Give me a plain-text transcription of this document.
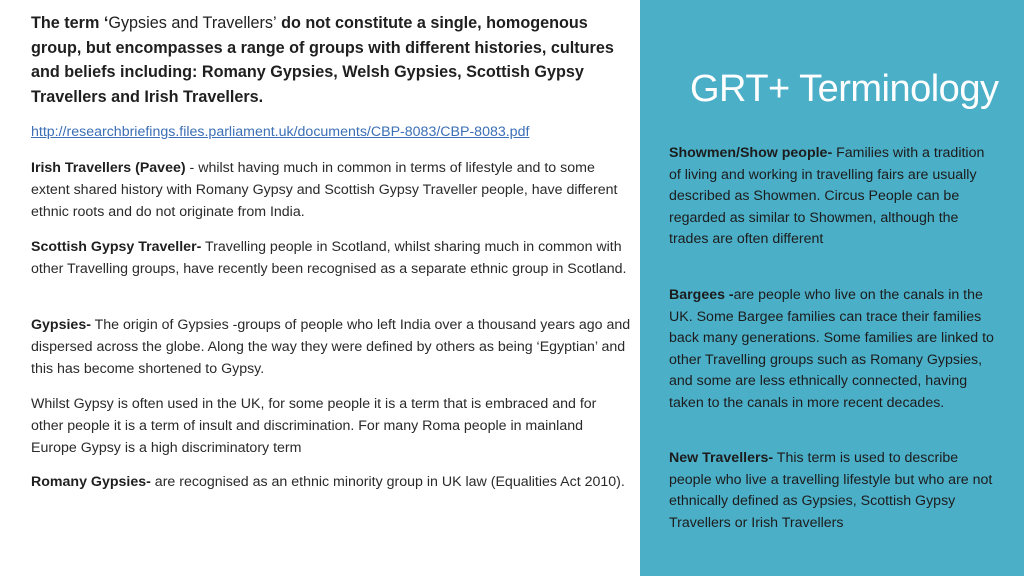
The term ‘Gypsies and Travellers’ do not constitute a single, homogenous group, but encompasses a range of groups with different histories, cultures and beliefs including: Romany Gypsies, Welsh Gypsies, Scottish Gypsy Travellers and Irish Travellers.
http://researchbriefings.files.parliament.uk/documents/CBP-8083/CBP-8083.pdf
Irish Travellers (Pavee) - whilst having much in common in terms of lifestyle and to some extent shared history with Romany Gypsy and Scottish Gypsy Traveller people, have different ethnic roots and do not originate from India.
Scottish Gypsy Traveller- Travelling people in Scotland, whilst sharing much in common with other Travelling groups, have recently been recognised as a separate ethnic group in Scotland.
Gypsies- The origin of Gypsies -groups of people who left India over a thousand years ago and dispersed across the globe. Along the way they were defined by others as being ‘Egyptian’ and this has become shortened to Gypsy.
Whilst Gypsy is often used in the UK, for some people it is a term that is embraced and for other people it is a term of insult and discrimination. For many Roma people in mainland Europe Gypsy is a high discriminatory term
Romany Gypsies- are recognised as an ethnic minority group in UK law (Equalities Act 2010).
GRT+ Terminology
Showmen/Show people- Families with a tradition of living and working in travelling fairs are usually described as Showmen. Circus People can be regarded as similar to Showmen, although the trades are often different
Bargees -are people who live on the canals in the UK. Some Bargee families can trace their families back many generations. Some families are linked to other Travelling groups such as Romany Gypsies, and some are less ethnically connected, having taken to the canals in more recent decades.
New Travellers- This term is used to describe people who live a travelling lifestyle but who are not ethnically defined as Gypsies, Scottish Gypsy Travellers or Irish Travellers
